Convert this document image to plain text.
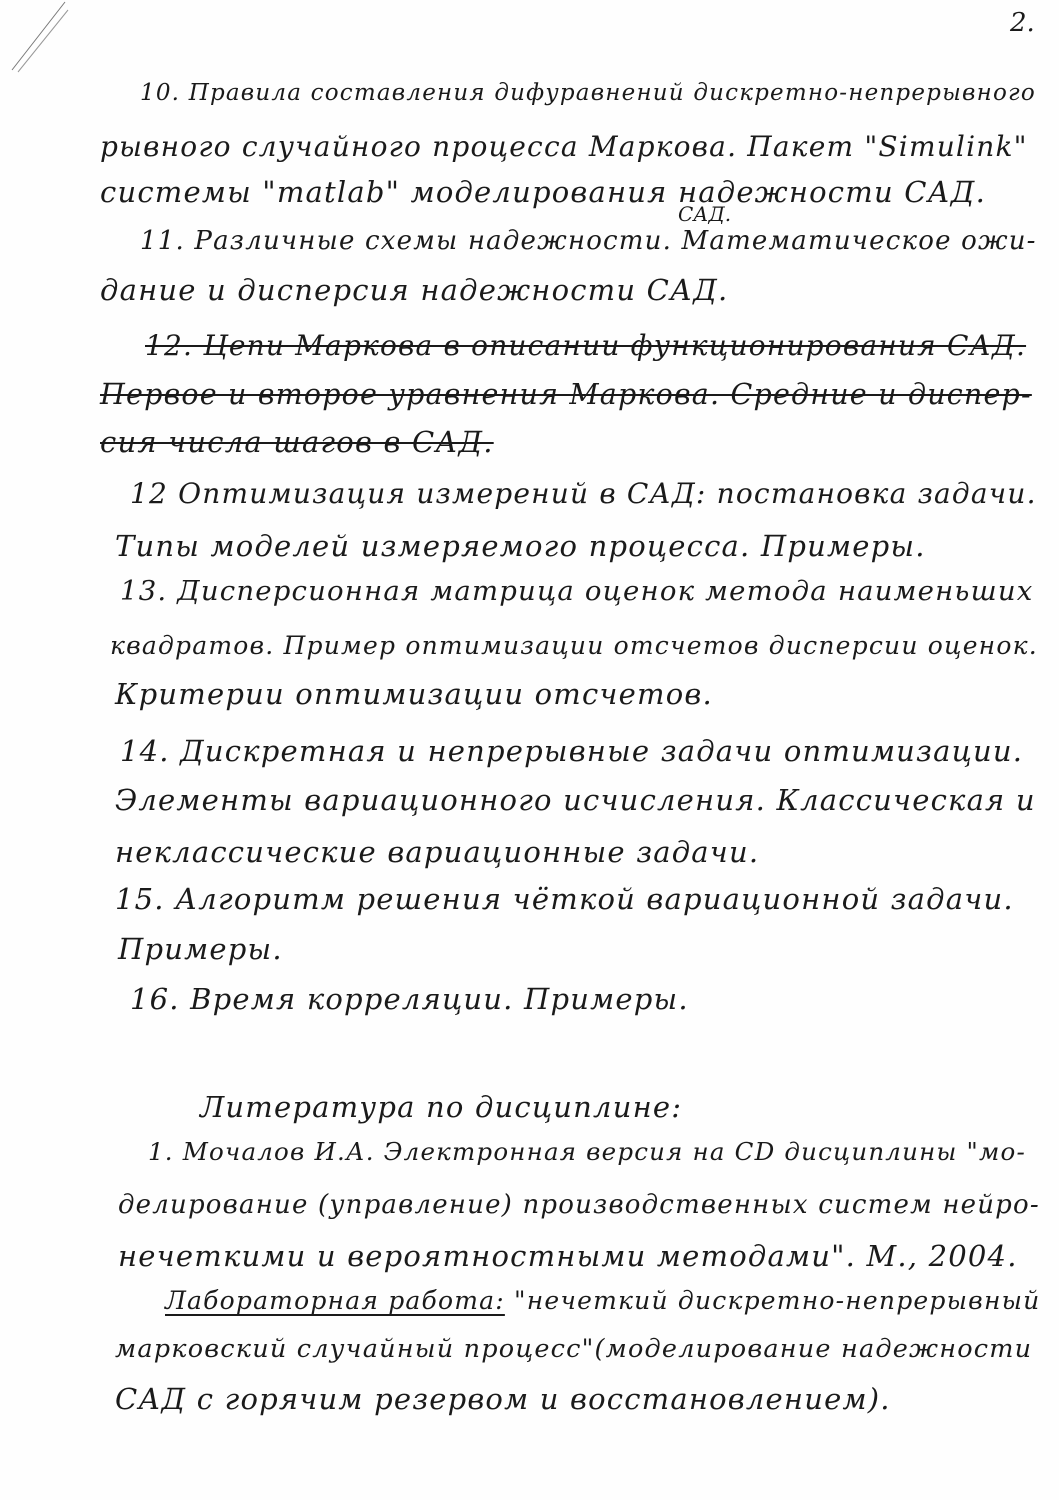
2.
10. Правила составления дифуравнений дискретно-непрерывного
рывного случайного процесса Маркова. Пакет "Simulink"
системы "matlab" моделирования надежности САД.
САД.
11. Различные схемы надежности. Математическое ожи-
дание и дисперсия надежности САД.
12. Цепи Маркова в описании функционирования САД.
Первое и второе уравнения Маркова. Средние и диспер-
сия числа шагов в САД.
12 Оптимизация измерений в САД: постановка задачи.
Типы моделей измеряемого процесса. Примеры.
13. Дисперсионная матрица оценок метода наименьших
квадратов. Пример оптимизации отсчетов дисперсии оценок.
Критерии оптимизации отсчетов.
14. Дискретная и непрерывные задачи оптимизации.
Элементы вариационного исчисления. Классическая и
неклассические вариационные задачи.
15. Алгоритм решения чёткой вариационной задачи.
Примеры.
16. Время корреляции. Примеры.
Литература по дисциплине:
1. Мочалов И.А. Электронная версия на CD дисциплины "мо-
делирование (управление) производственных систем нейро-
нечеткими и вероятностными методами". М., 2004.
Лабораторная работа: "нечеткий дискретно-непрерывный
марковский случайный процесс"(моделирование надежности
САД с горячим резервом и восстановлением).
